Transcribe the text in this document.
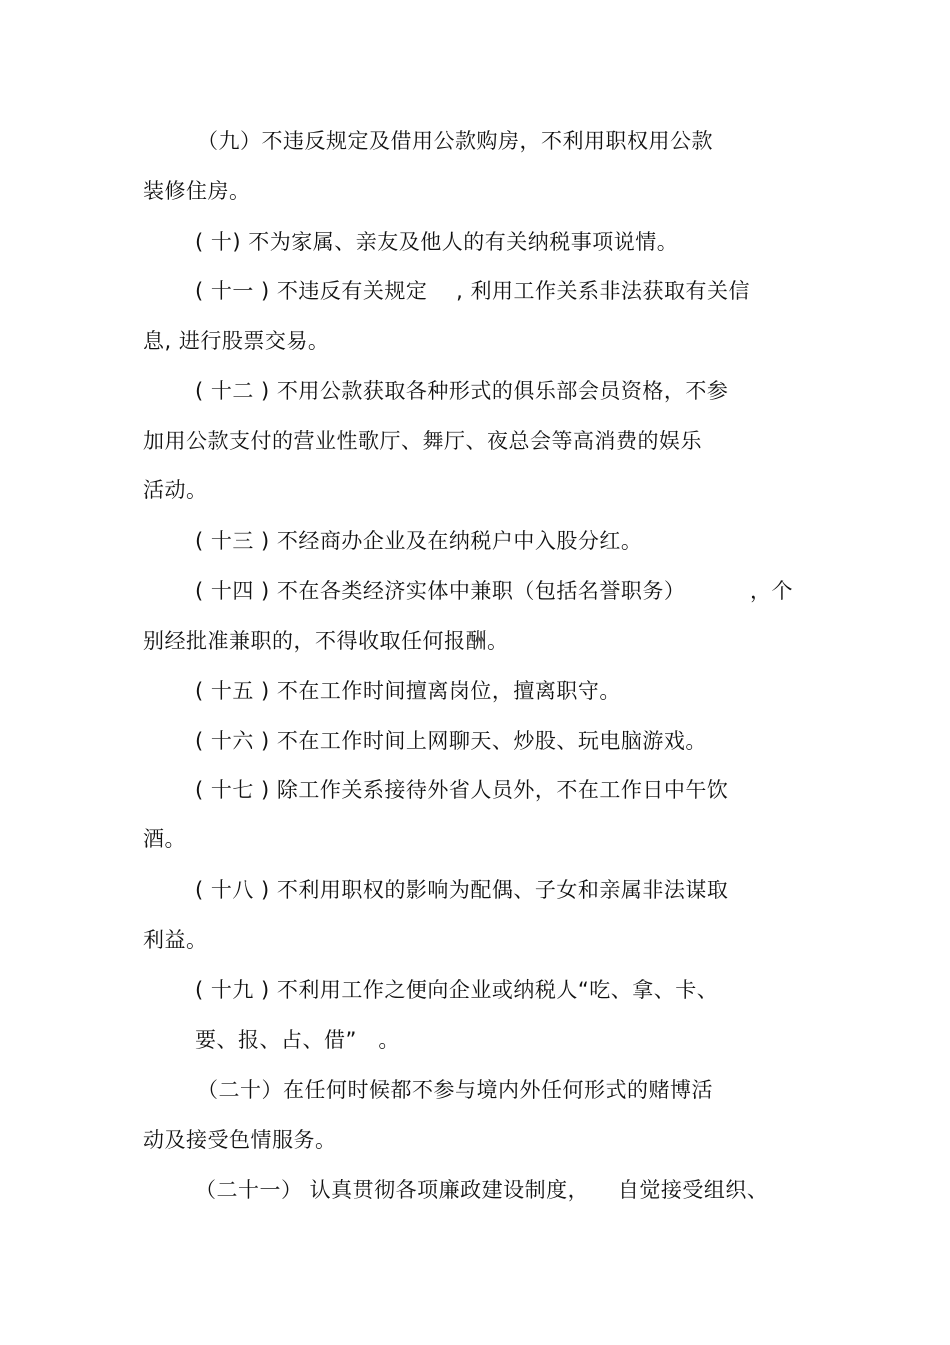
（九）不违反规定及借用公款购房，不利用职权用公款
装修住房。
( 十) 不为家属、亲友及他人的有关纳税事项说情。
( 十一 ) 不违反有关规定    , 利用工作关系非法获取有关信
息, 进行股票交易。
( 十二 ) 不用公款获取各种形式的俱乐部会员资格，不参
加用公款支付的营业性歌厅、舞厅、夜总会等高消费的娱乐
活动。
( 十三 ) 不经商办企业及在纳税户中入股分红。
( 十四 ) 不在各类经济实体中兼职（包括名誉职务）         ，个
别经批准兼职的，不得收取任何报酬。
( 十五 ) 不在工作时间擅离岗位，擅离职守。
( 十六 ) 不在工作时间上网聊天、炒股、玩电脑游戏。
( 十七 ) 除工作关系接待外省人员外，不在工作日中午饮
酒。
( 十八 ) 不利用职权的影响为配偶、子女和亲属非法谋取
利益。
( 十九 ) 不利用工作之便向企业或纳税人“吃、拿、卡、
要、报、占、借”   。
（二十）在任何时候都不参与境内外任何形式的赌博活
动及接受色情服务。
（二十一） 认真贯彻各项廉政建设制度，    自觉接受组织、
